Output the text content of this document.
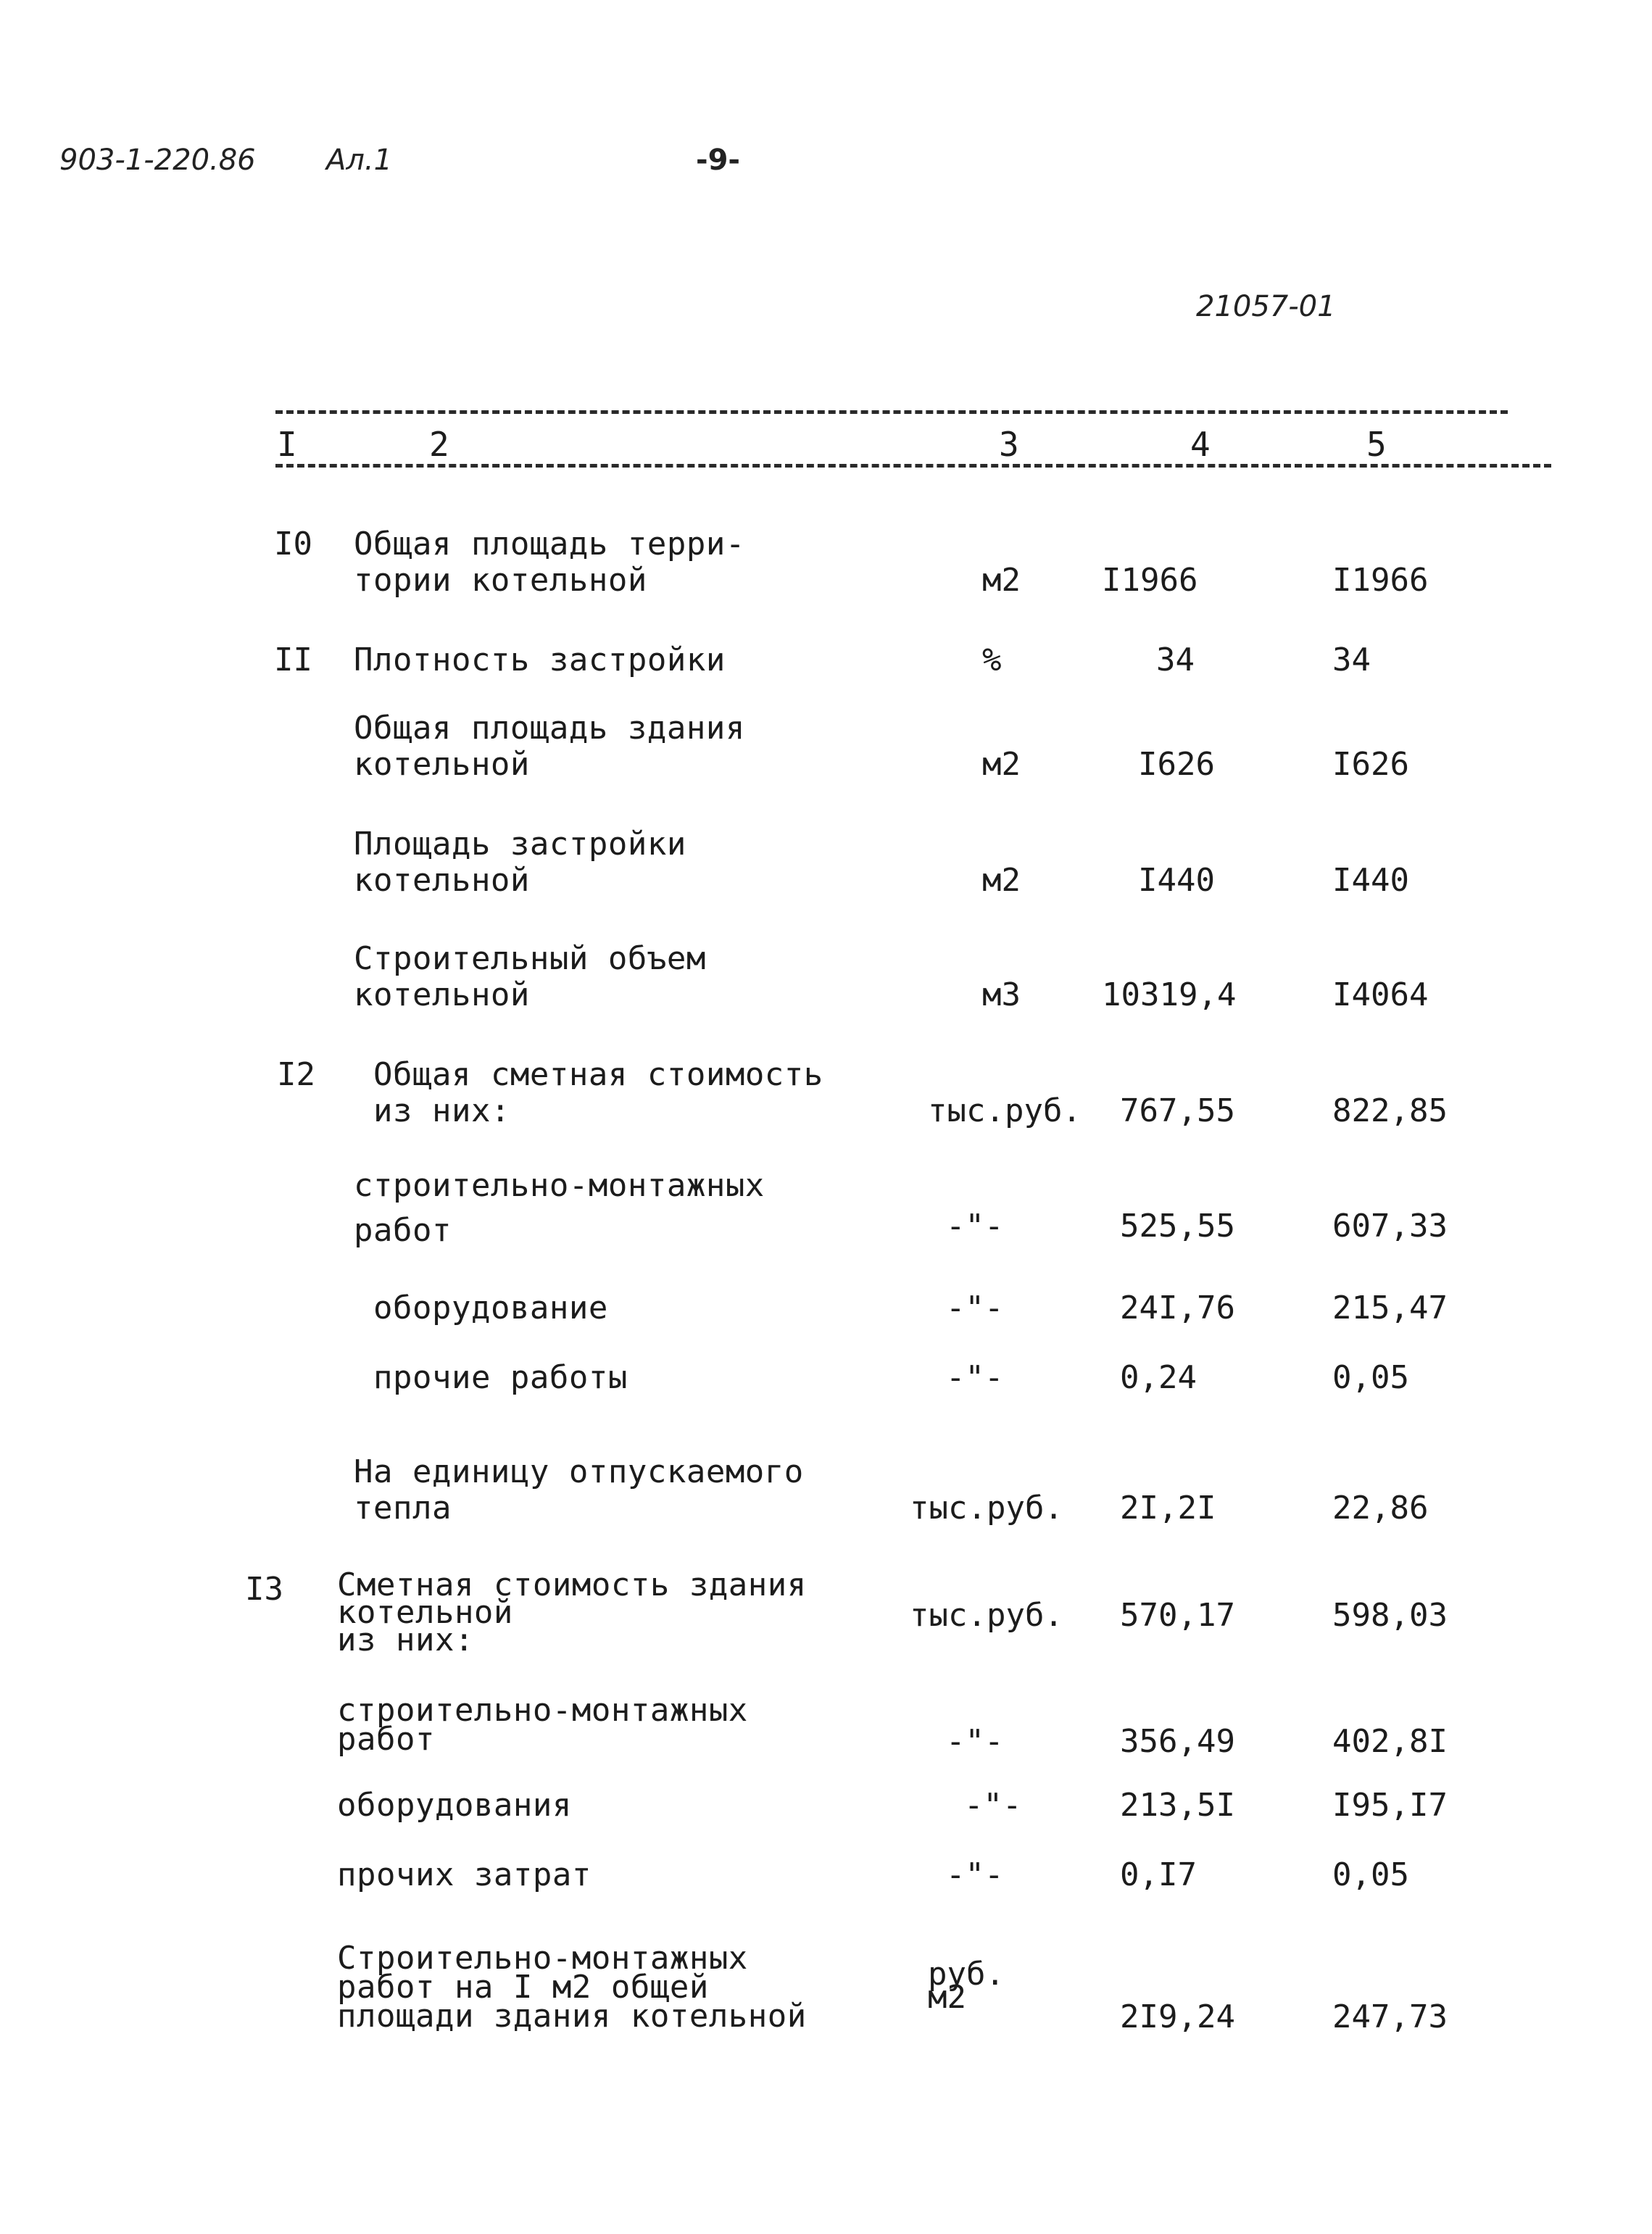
903-1-220.86 Ал.1	-9-
21057-01
I	2	3	4	5
I0 Общая площадь терри-
тории котельной	м2	I1966	I1966
II Плотность застройки	%	34	34
Общая площадь здания
котельной	м2	I626	I626
Площадь застройки
котельной	м2	I440	I440
Строительный объем
котельной	м3	10319,4	I4064
I2 Общая сметная стоимость
из них:	тыс.руб. 767,55	822,85
строительно-монтажных
работ	-"-	525,55	607,33
оборудование	-"-	24I,76	215,47
прочие работы	-"-	0,24	0,05
На единицу отпускаемого
тепла	тыс.руб. 2I,2I	22,86
I3 Сметная стоимость здания
котельной
из них:
тыс.руб. 570,17	598,03
строительно-монтажных
работ	-"-	356,49	402,8I
оборудования	-"-	213,5I	I95,I7
прочих затрат	-"-	0,I7	0,05
Строительно-монтажных
работ на I м2 общей
площади здания котельной
руб.
м2
2I9,24	247,73
